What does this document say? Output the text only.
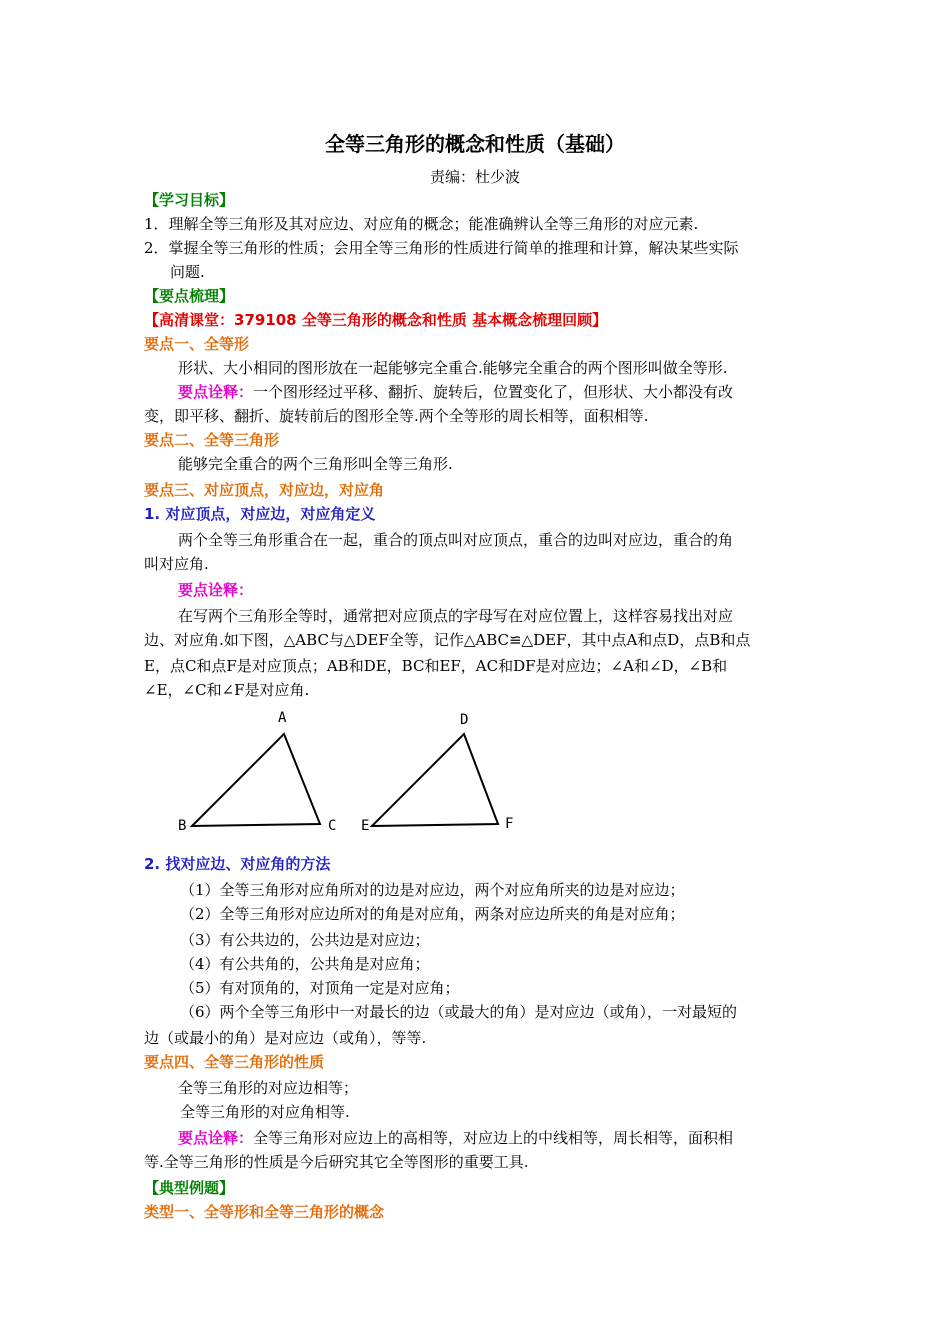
全等三角形的概念和性质（基础）
责编：杜少波
【学习目标】
1．理解全等三角形及其对应边、对应角的概念；能准确辨认全等三角形的对应元素.
2．掌握全等三角形的性质；会用全等三角形的性质进行简单的推理和计算，解决某些实际
问题.
【要点梳理】
【高清课堂：379108 全等三角形的概念和性质 基本概念梳理回顾】
要点一、全等形
形状、大小相同的图形放在一起能够完全重合.能够完全重合的两个图形叫做全等形.
要点诠释：一个图形经过平移、翻折、旋转后，位置变化了，但形状、大小都没有改
变，即平移、翻折、旋转前后的图形全等.两个全等形的周长相等，面积相等.
要点二、全等三角形
能够完全重合的两个三角形叫全等三角形.
要点三、对应顶点，对应边，对应角
1. 对应顶点，对应边，对应角定义
两个全等三角形重合在一起，重合的顶点叫对应顶点，重合的边叫对应边，重合的角
叫对应角.
要点诠释：
在写两个三角形全等时，通常把对应顶点的字母写在对应位置上，这样容易找出对应
边、对应角.如下图，△ABC与△DEF全等，记作△ABC≌△DEF，其中点A和点D，点B和点
E，点C和点F是对应顶点；AB和DE，BC和EF，AC和DF是对应边；∠A和∠D，∠B和
∠E，∠C和∠F是对应角.
A
B	C
D
E	F
2. 找对应边、对应角的方法
（1）全等三角形对应角所对的边是对应边，两个对应角所夹的边是对应边；
（2）全等三角形对应边所对的角是对应角，两条对应边所夹的角是对应角；
（3）有公共边的，公共边是对应边；
（4）有公共角的，公共角是对应角；
（5）有对顶角的，对顶角一定是对应角；
（6）两个全等三角形中一对最长的边（或最大的角）是对应边（或角），一对最短的
边（或最小的角）是对应边（或角），等等.
要点四、全等三角形的性质
全等三角形的对应边相等；
全等三角形的对应角相等.
要点诠释：全等三角形对应边上的高相等，对应边上的中线相等，周长相等，面积相
等.全等三角形的性质是今后研究其它全等图形的重要工具.
【典型例题】
类型一、全等形和全等三角形的概念
